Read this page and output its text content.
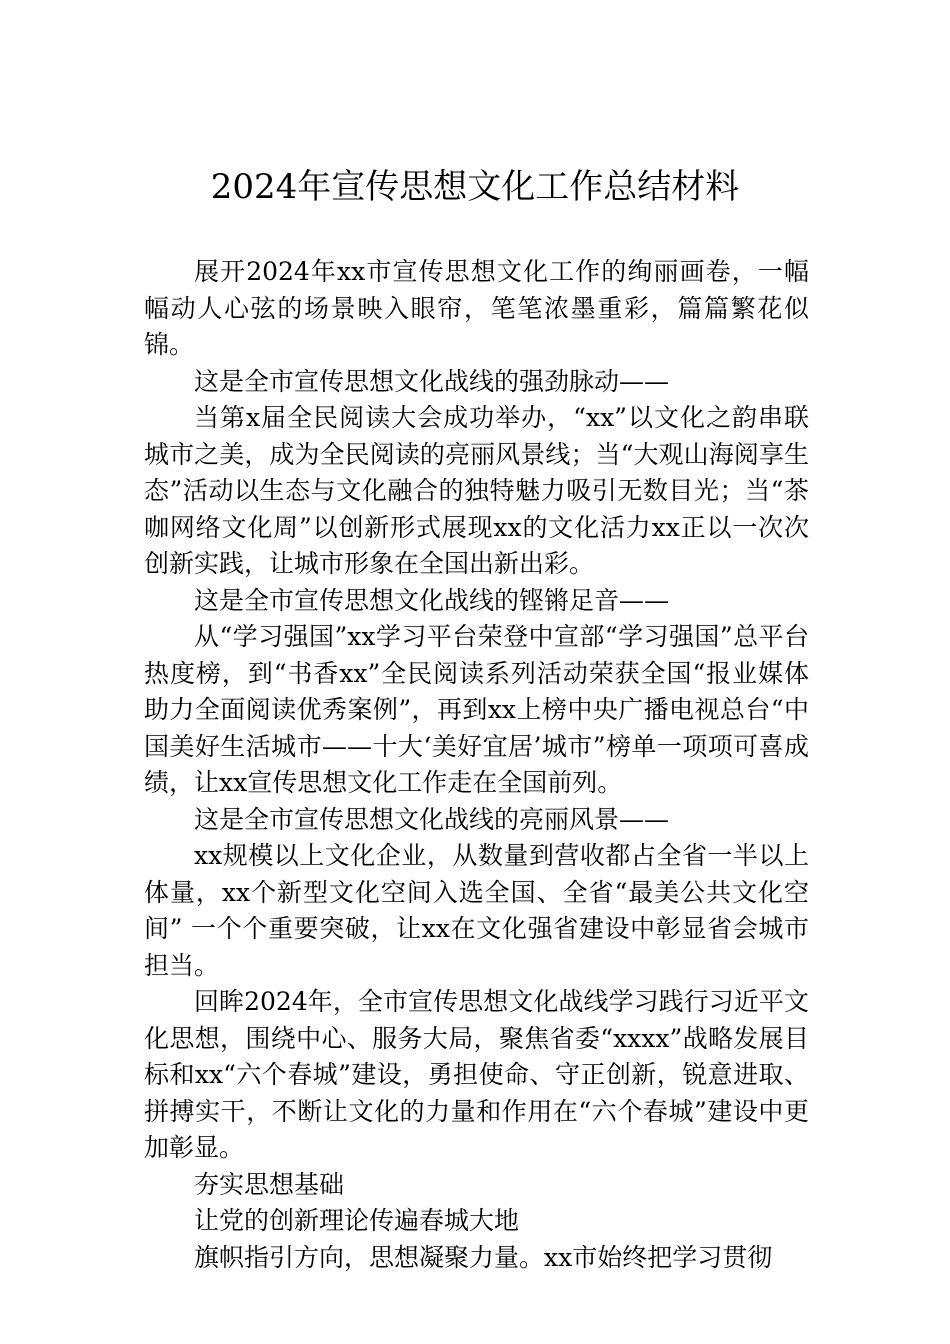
2024年宣传思想文化工作总结材料

展开2024年xx市宣传思想文化工作的绚丽画卷，一幅幅动人心弦的场景映入眼帘，笔笔浓墨重彩，篇篇繁花似锦。

这是全市宣传思想文化战线的强劲脉动——

当第x届全民阅读大会成功举办，“xx”以文化之韵串联城市之美，成为全民阅读的亮丽风景线；当“大观山海阅享生态”活动以生态与文化融合的独特魅力吸引无数目光；当“茶咖网络文化周”以创新形式展现xx的文化活力xx正以一次次创新实践，让城市形象在全国出新出彩。

这是全市宣传思想文化战线的铿锵足音——

从“学习强国”xx学习平台荣登中宣部“学习强国”总平台热度榜，到“书香xx”全民阅读系列活动荣获全国“报业媒体助力全面阅读优秀案例”，再到xx上榜中央广播电视总台“中国美好生活城市——十大‘美好宜居’城市”榜单一项项可喜成绩，让xx宣传思想文化工作走在全国前列。

这是全市宣传思想文化战线的亮丽风景——

xx规模以上文化企业，从数量到营收都占全省一半以上体量，xx个新型文化空间入选全国、全省“最美公共文化空间” 一个个重要突破，让xx在文化强省建设中彰显省会城市担当。

回眸2024年，全市宣传思想文化战线学习践行习近平文化思想，围绕中心、服务大局，聚焦省委“xxxx”战略发展目标和xx“六个春城”建设，勇担使命、守正创新，锐意进取、拼搏实干，不断让文化的力量和作用在“六个春城”建设中更加彰显。

夯实思想基础

让党的创新理论传遍春城大地

旗帜指引方向，思想凝聚力量。xx市始终把学习贯彻
